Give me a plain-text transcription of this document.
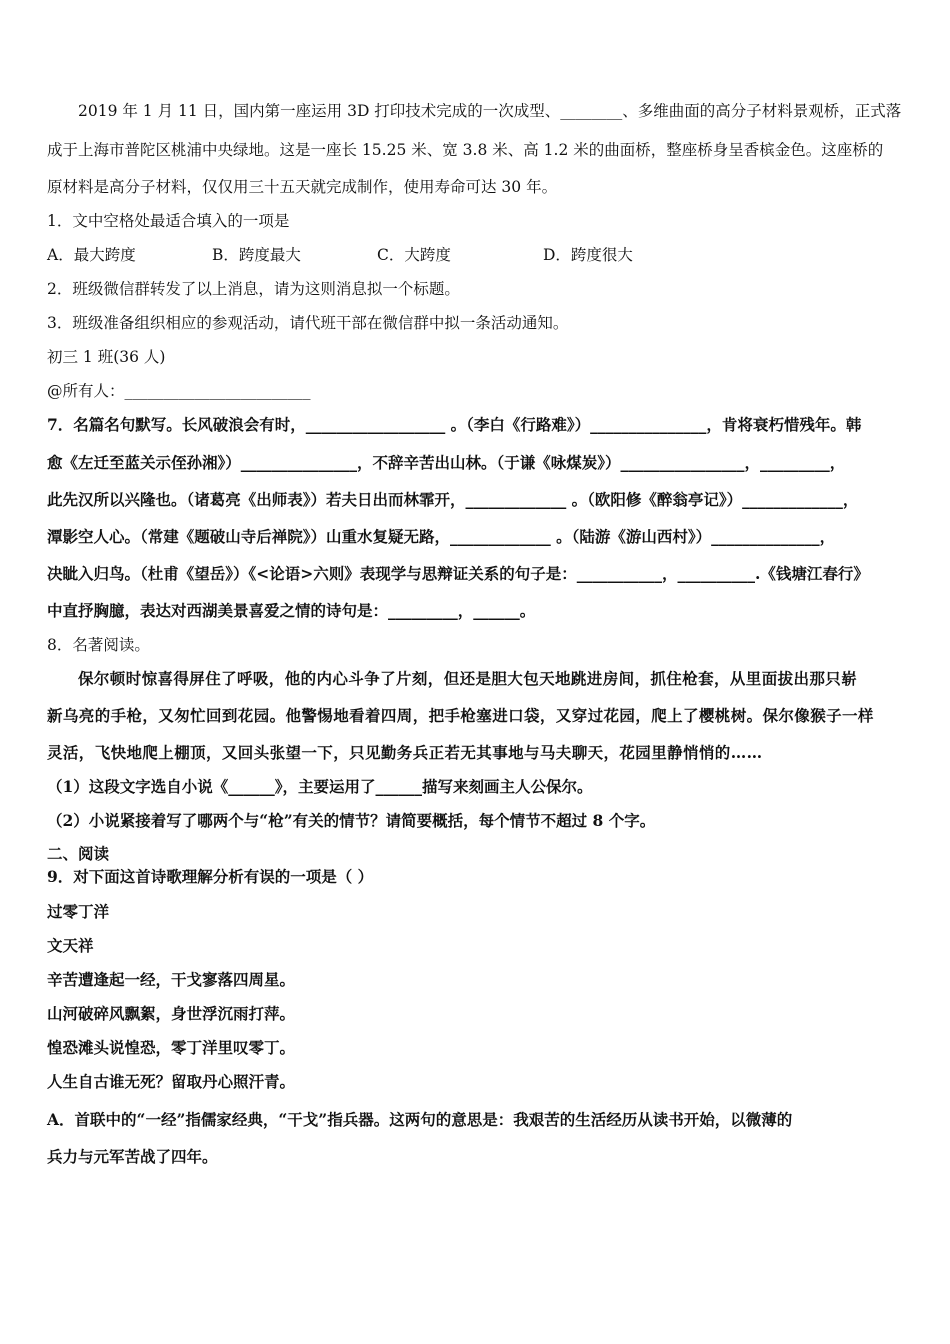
2019 年 1 月 11 日，国内第一座运用 3D 打印技术完成的一次成型、________、多维曲面的高分子材料景观桥，正式落
成于上海市普陀区桃浦中央绿地。这是一座长 15.25 米、宽 3.8 米、高 1.2 米的曲面桥，整座桥身呈香槟金色。这座桥的
原材料是高分子材料，仅仅用三十五天就完成制作，使用寿命可达 30 年。
1．文中空格处最适合填入的一项是
A．最大跨度	B．跨度最大	C．大跨度	D．跨度很大
2．班级微信群转发了以上消息，请为这则消息拟一个标题。
3．班级准备组织相应的参观活动，请代班干部在微信群中拟一条活动通知。
初三 1 班(36 人)
@所有人：________________________
7．名篇名句默写。长风破浪会有时，__________________ 。（李白《行路难》）_______________，肯将衰朽惜残年。韩
愈《左迁至蓝关示侄孙湘》）_______________，不辞辛苦出山林。（于谦《咏煤炭》）________________，_________，
此先汉所以兴隆也。（诸葛亮《出师表》）若夫日出而林霏开，_____________ 。（欧阳修《醉翁亭记》）_____________，
潭影空人心。（常建《题破山寺后禅院》）山重水复疑无路，_____________ 。（陆游《游山西村》）______________，
决眦入归鸟。（杜甫《望岳》）《<论语>六则》表现学与思辩证关系的句子是：___________，__________.《钱塘江春行》
中直抒胸臆，表达对西湖美景喜爱之情的诗句是：_________，______。
8．名著阅读。
保尔顿时惊喜得屏住了呼吸，他的内心斗争了片刻，但还是胆大包天地跳进房间，抓住枪套，从里面拔出那只崭
新乌亮的手枪，又匆忙回到花园。他警惕地看着四周，把手枪塞进口袋，又穿过花园，爬上了樱桃树。保尔像猴子一样
灵活，飞快地爬上棚顶，又回头张望一下，只见勤务兵正若无其事地与马夫聊天，花园里静悄悄的……
（1）这段文字选自小说《______》，主要运用了______描写来刻画主人公保尔。
（2）小说紧接着写了哪两个与“枪”有关的情节？请简要概括，每个情节不超过 8 个字。
二、阅读
9．对下面这首诗歌理解分析有误的一项是（ ）
过零丁洋
文天祥
辛苦遭逢起一经，干戈寥落四周星。
山河破碎风飘絮，身世浮沉雨打萍。
惶恐滩头说惶恐，零丁洋里叹零丁。
人生自古谁无死？留取丹心照汗青。
A．首联中的“一经”指儒家经典，“干戈”指兵器。这两句的意思是：我艰苦的生活经历从读书开始，以微薄的
兵力与元军苦战了四年。
